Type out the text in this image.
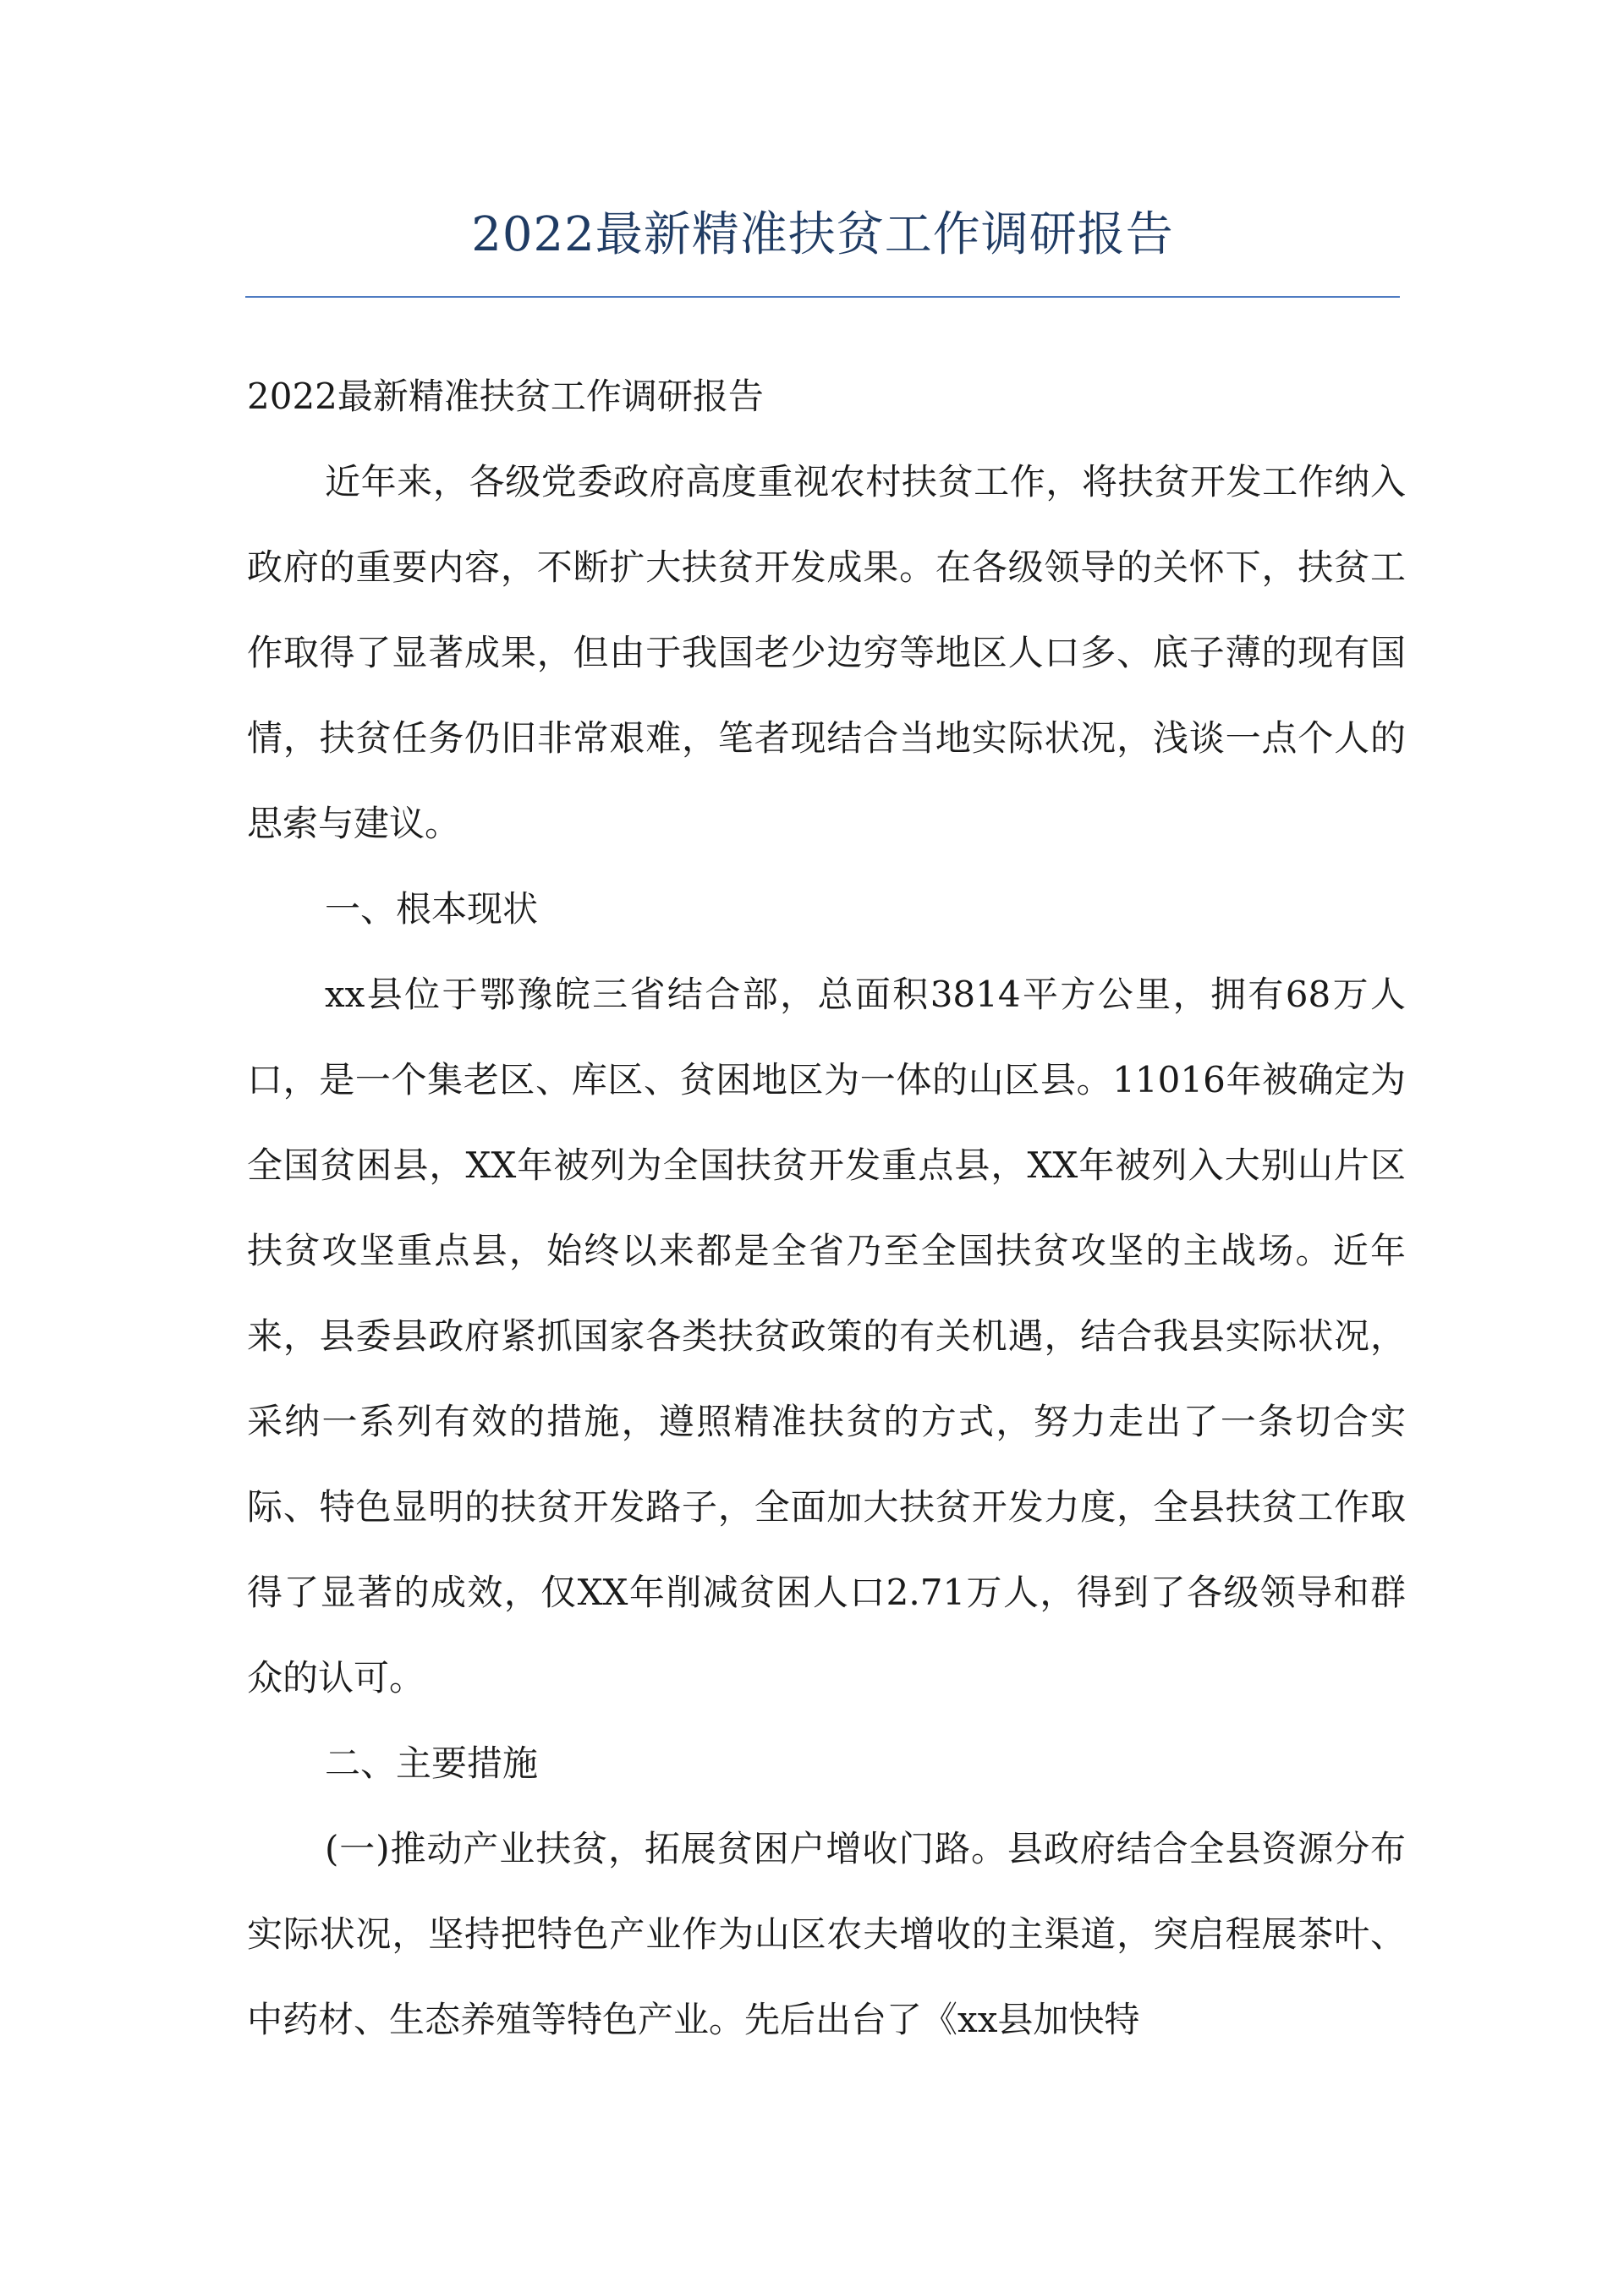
2022最新精准扶贫工作调研报告

2022最新精准扶贫工作调研报告

近年来，各级党委政府高度重视农村扶贫工作，将扶贫开发工作纳入政府的重要内容，不断扩大扶贫开发成果。在各级领导的关怀下，扶贫工作取得了显著成果，但由于我国老少边穷等地区人口多、底子薄的现有国情，扶贫任务仍旧非常艰难，笔者现结合当地实际状况，浅谈一点个人的思索与建议。

一、根本现状

xx县位于鄂豫皖三省结合部，总面积3814平方公里，拥有68万人口，是一个集老区、库区、贫困地区为一体的山区县。11016年被确定为全国贫困县，XX年被列为全国扶贫开发重点县，XX年被列入大别山片区扶贫攻坚重点县，始终以来都是全省乃至全国扶贫攻坚的主战场。近年来，县委县政府紧抓国家各类扶贫政策的有关机遇，结合我县实际状况，采纳一系列有效的措施，遵照精准扶贫的方式，努力走出了一条切合实际、特色显明的扶贫开发路子，全面加大扶贫开发力度，全县扶贫工作取得了显著的成效，仅XX年削减贫困人口2.71万人，得到了各级领导和群众的认可。

二、主要措施

(一)推动产业扶贫，拓展贫困户增收门路。县政府结合全县资源分布实际状况，坚持把特色产业作为山区农夫增收的主渠道，突启程展茶叶、中药材、生态养殖等特色产业。先后出台了《xx县加快特
